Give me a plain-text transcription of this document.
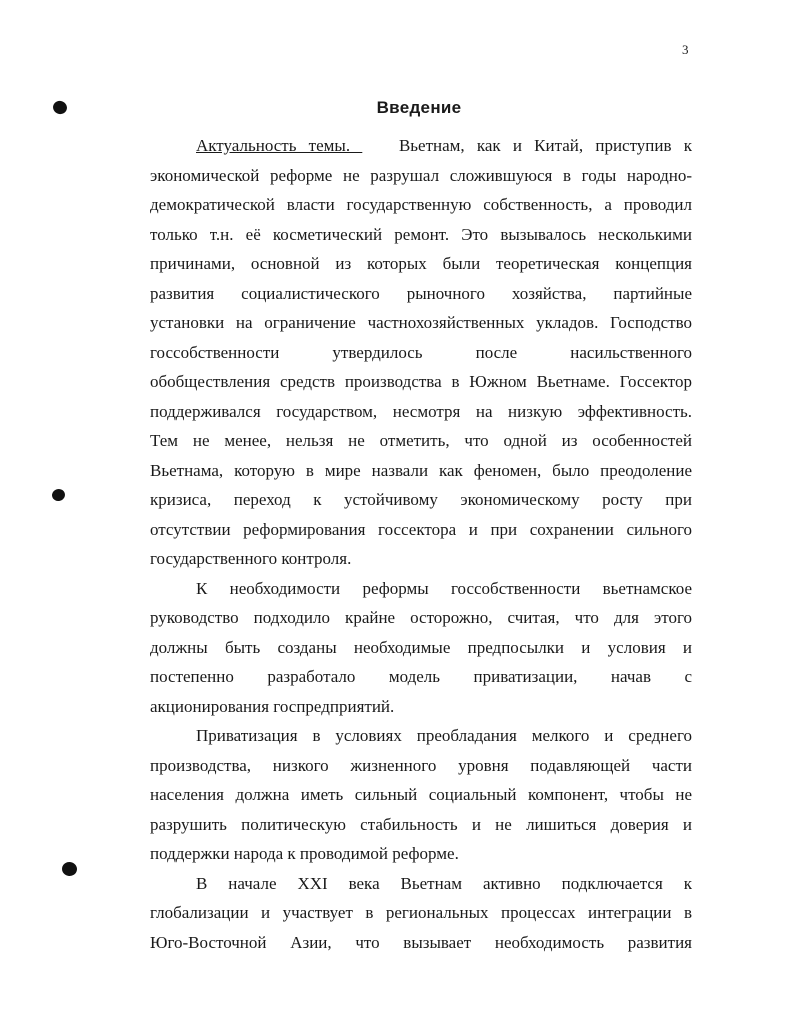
3
Введение
Актуальность темы.    Вьетнам, как и Китай, приступив к
экономической реформе не разрушал сложившуюся в годы народно-
демократической власти государственную собственность, а проводил
только т.н. её косметический ремонт. Это вызывалось несколькими
причинами, основной из которых были теоретическая концепция
развития социалистического рыночного хозяйства, партийные
установки на ограничение частнохозяйственных укладов. Господство
госсобственности утвердилось после насильственного
обобществления средств производства в Южном Вьетнаме. Госсектор
поддерживался государством, несмотря на низкую эффективность.
Тем не менее, нельзя не отметить, что одной из особенностей
Вьетнама, которую в мире назвали как феномен, было преодоление
кризиса, переход к устойчивому экономическому росту при
отсутствии реформирования госсектора и при сохранении сильного
государственного контроля.
К необходимости реформы госсобственности вьетнамское
руководство подходило крайне осторожно, считая, что для этого
должны быть созданы необходимые предпосылки и условия и
постепенно разработало модель приватизации, начав с
акционирования госпредприятий.
Приватизация в условиях преобладания мелкого и среднего
производства, низкого жизненного уровня подавляющей части
населения должна иметь сильный социальный компонент, чтобы не
разрушить политическую стабильность и не лишиться доверия и
поддержки народа к проводимой реформе.
В начале XXI века Вьетнам активно подключается к
глобализации и участвует в региональных процессах интеграции в
Юго-Восточной Азии, что вызывает необходимость развития
